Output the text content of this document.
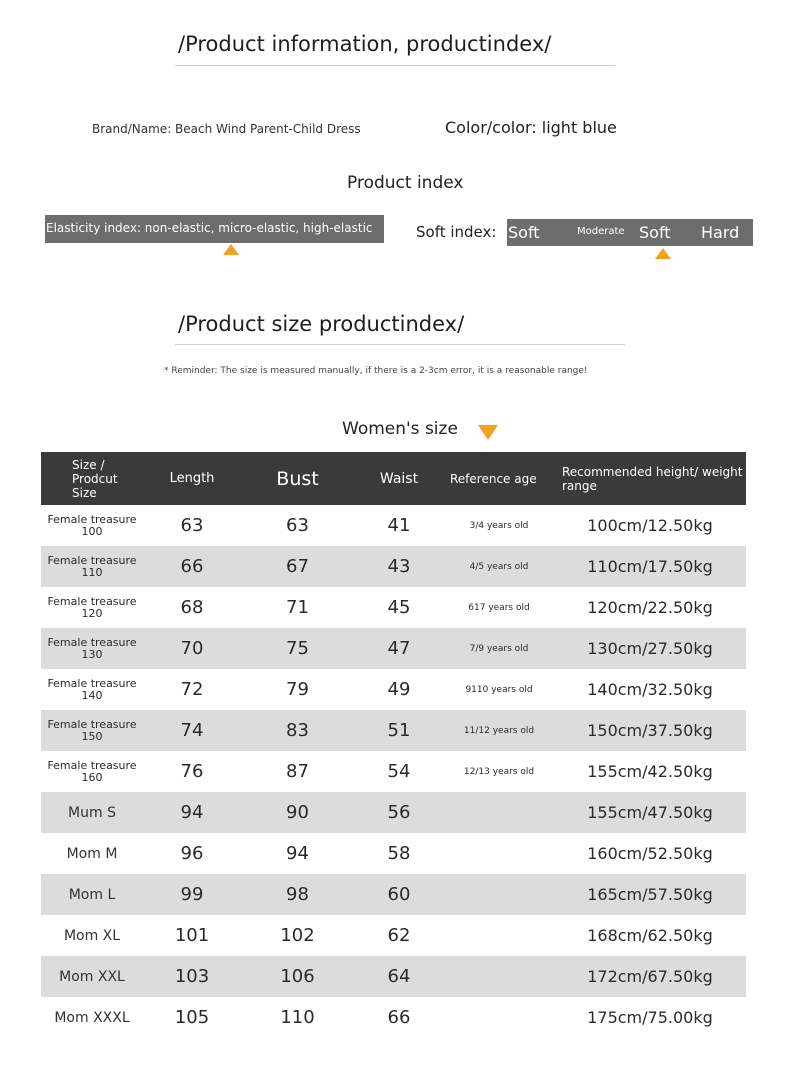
/Product information, productindex/
Brand/Name: Beach Wind Parent-Child Dress	Color/color: light blue
Product index
Elasticity index: non-elastic, micro-elastic, high-elastic	Soft index: Soft	Moderate Soft Hard
/Product size productindex/
* Reminder: The size is measured manually, if there is a 2-3cm error, it is a reasonable range!
Women's size
Size / Prodcut Size	Length	Bust	Waist	Reference age	Recommended height/ weight range
Female treasure 100	63	63	41	3/4 years old	100cm/12.50kg
Female treasure 110	66	67	43	4/5 years old	110cm/17.50kg
Female treasure 120	68	71	45	617 years old	120cm/22.50kg
Female treasure 130	70	75	47	7/9 years old	130cm/27.50kg
Female treasure 140	72	79	49	9110 years old	140cm/32.50kg
Female treasure 150	74	83	51	11/12 years old	150cm/37.50kg
Female treasure 160	76	87	54	12/13 years old	155cm/42.50kg
Mum S	94	90	56		155cm/47.50kg
Mom M	96	94	58		160cm/52.50kg
Mom L	99	98	60		165cm/57.50kg
Mom XL	101	102	62		168cm/62.50kg
Mom XXL	103	106	64		172cm/67.50kg
Mom XXXL	105	110	66		175cm/75.00kg
